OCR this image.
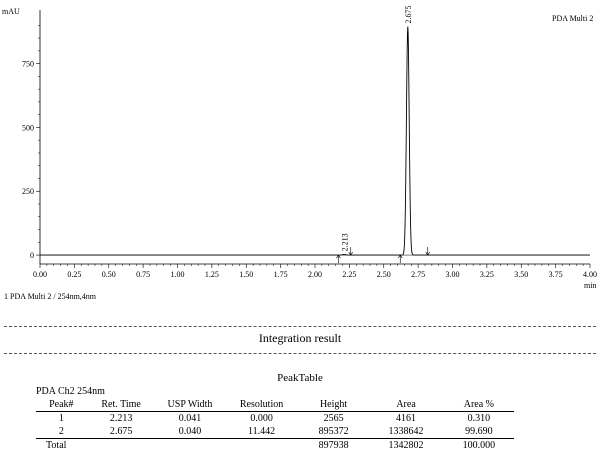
0.00	0.25	0.50	0.75	1.00	1.25	1.50	1.75	2.00	2.25	2.50	2.75	3.00	3.25	3.50	3.75	4.00
0
250
500
750
2.213
2.675
mAU
min
PDA Multi 2
1 PDA Multi 2 / 254nm,4nm
Integration result
PeakTable
PDA Ch2 254nm
Peak#	Ret. Time	USP Width	Resolution	Height	Area	Area %
1	2.213	0.041	0.000	2565	4161	0.310
2	2.675	0.040	11.442	895372	1338642	99.690
Total				897938	1342802	100.000
